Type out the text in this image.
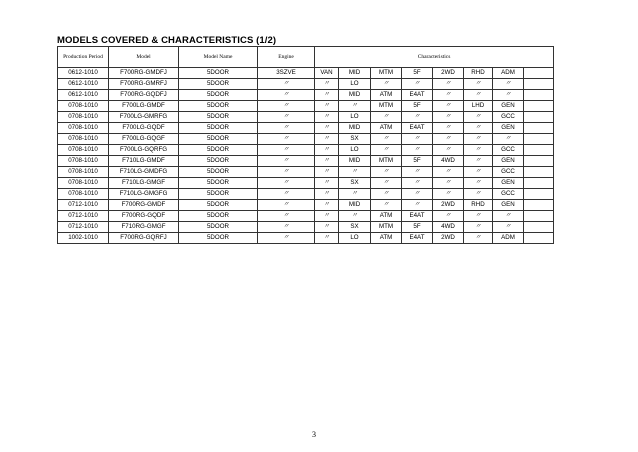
MODELS COVERED & CHARACTERISTICS (1/2)
Production Period	Model	Model Name	Engine	Characteristics							
0612-1010	F700RG-GMDFJ	5DOOR	3SZVE	VAN	MID	MTM	5F	2WD	RHD	ADM	
0612-1010	F700RG-GMRFJ	5DOOR	〃	〃	LO	〃	〃	〃	〃	〃	
0612-1010	F700RG-GQDFJ	5DOOR	〃	〃	MID	ATM	E4AT	〃	〃	〃	
0708-1010	F700LG-GMDF	5DOOR	〃	〃	〃	MTM	5F	〃	LHD	GEN	
0708-1010	F700LG-GMRFG	5DOOR	〃	〃	LO	〃	〃	〃	〃	GCC	
0708-1010	F700LG-GQDF	5DOOR	〃	〃	MID	ATM	E4AT	〃	〃	GEN	
0708-1010	F700LG-GQGF	5DOOR	〃	〃	SX	〃	〃	〃	〃	〃	
0708-1010	F700LG-GQRFG	5DOOR	〃	〃	LO	〃	〃	〃	〃	GCC	
0708-1010	F710LG-GMDF	5DOOR	〃	〃	MID	MTM	5F	4WD	〃	GEN	
0708-1010	F710LG-GMDFG	5DOOR	〃	〃	〃	〃	〃	〃	〃	GCC	
0708-1010	F710LG-GMGF	5DOOR	〃	〃	SX	〃	〃	〃	〃	GEN	
0708-1010	F710LG-GMGFG	5DOOR	〃	〃	〃	〃	〃	〃	〃	GCC	
0712-1010	F700RG-GMDF	5DOOR	〃	〃	MID	〃	〃	2WD	RHD	GEN	
0712-1010	F700RG-GQDF	5DOOR	〃	〃	〃	ATM	E4AT	〃	〃	〃	
0712-1010	F710RG-GMGF	5DOOR	〃	〃	SX	MTM	5F	4WD	〃	〃	
1002-1010	F700RG-GQRFJ	5DOOR	〃	〃	LO	ATM	E4AT	2WD	〃	ADM	
3
